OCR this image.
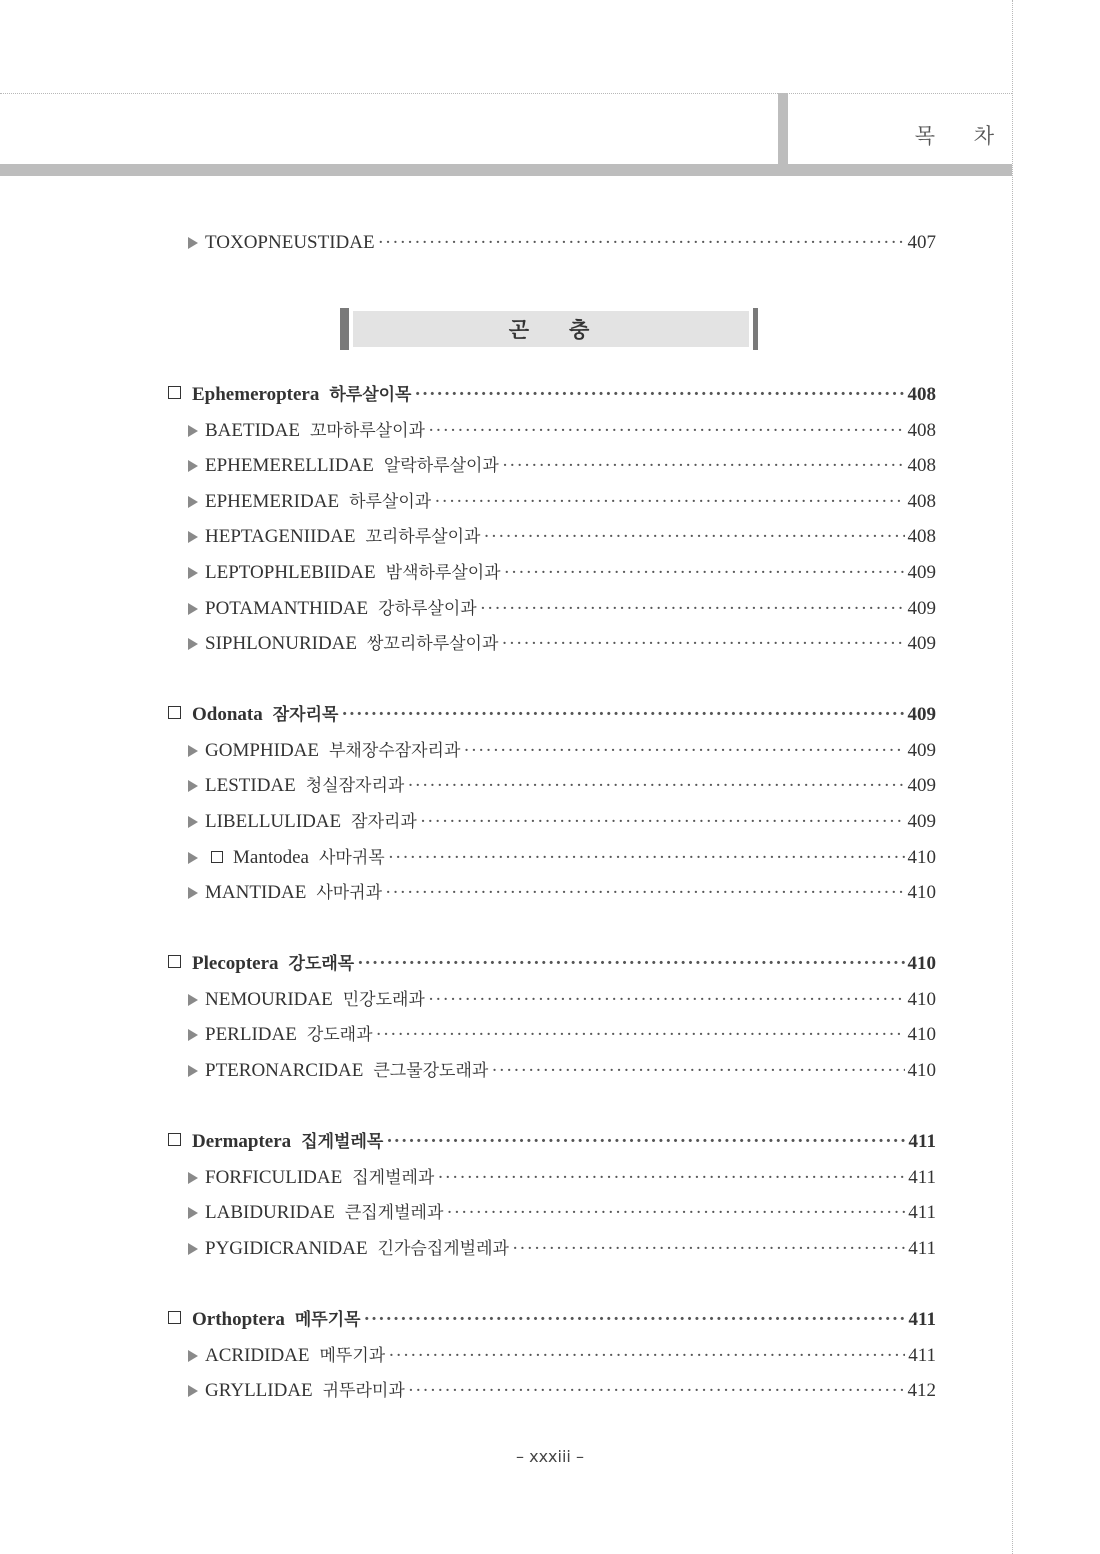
목 차
TOXOPNEUSTIDAE ·····	407
곤충
Ephemeroptera 하루살이목 ·····	408
BAETIDAE 꼬마하루살이과 ·····	408
EPHEMERELLIDAE 알락하루살이과 ·····	408
EPHEMERIDAE 하루살이과 ·····	408
HEPTAGENIIDAE 꼬리하루살이과 ·····	408
LEPTOPHLEBIIDAE 밤색하루살이과 ·····	409
POTAMANTHIDAE 강하루살이과 ·····	409
SIPHLONURIDAE 쌍꼬리하루살이과 ·····	409
Odonata 잠자리목 ·····	409
GOMPHIDAE 부채장수잠자리과 ·····	409
LESTIDAE 청실잠자리과 ·····	409
LIBELLULIDAE 잠자리과 ·····	409
Mantodea 사마귀목 ·····	410
MANTIDAE 사마귀과 ·····	410
Plecoptera 강도래목 ·····	410
NEMOURIDAE 민강도래과 ·····	410
PERLIDAE 강도래과 ·····	410
PTERONARCIDAE 큰그물강도래과 ·····	410
Dermaptera 집게벌레목 ·····	411
FORFICULIDAE 집게벌레과 ·····	411
LABIDURIDAE 큰집게벌레과 ·····	411
PYGIDICRANIDAE 긴가슴집게벌레과 ·····	411
Orthoptera 메뚜기목 ·····	411
ACRIDIDAE 메뚜기과 ·····	411
GRYLLIDAE 귀뚜라미과 ·····	412
– xxxiii –
